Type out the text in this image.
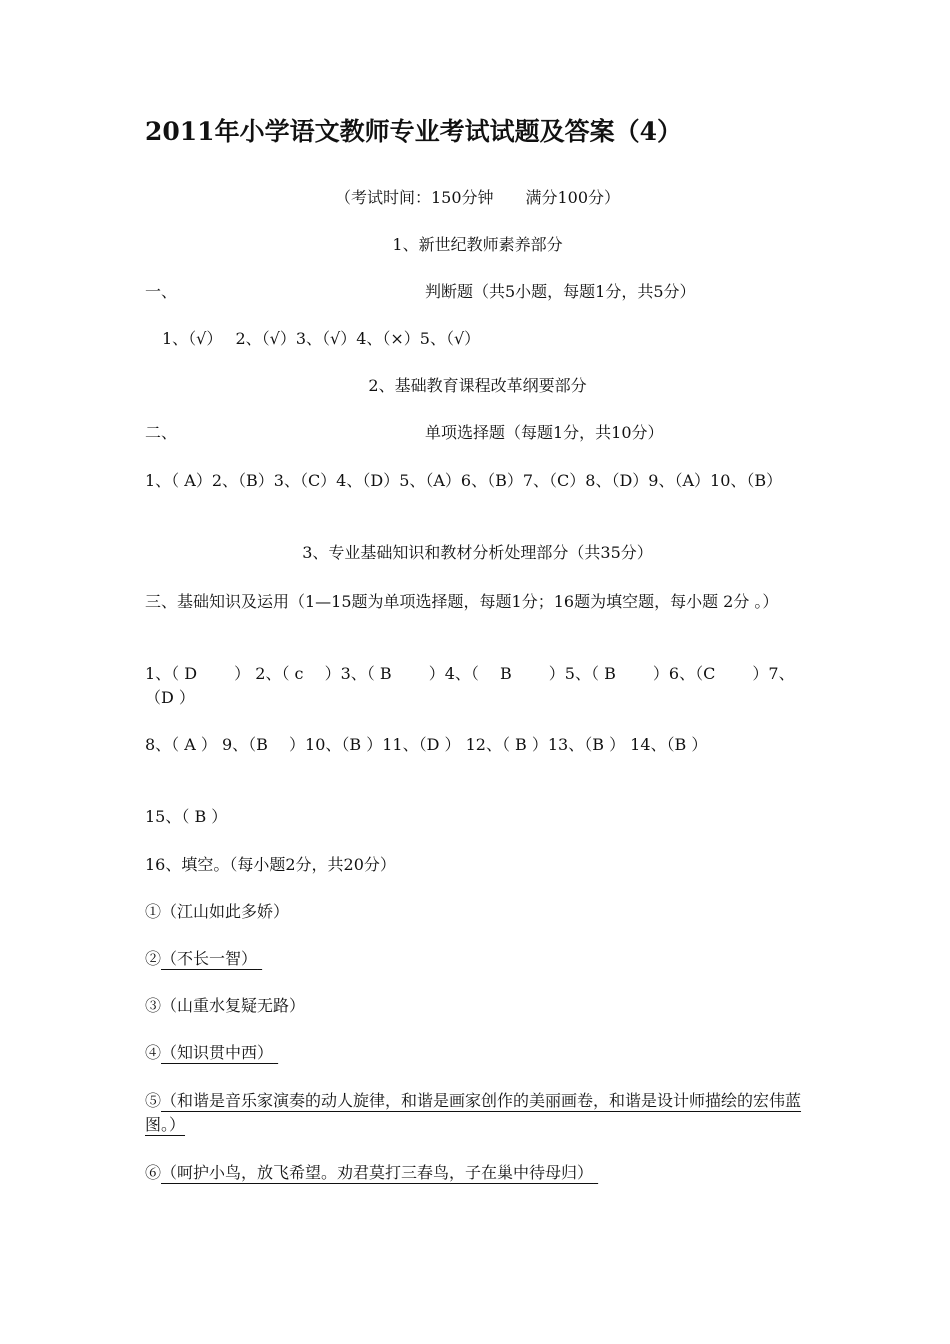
2011年小学语文教师专业考试试题及答案（4）
（考试时间：150分钟　　满分100分）
1、新世纪教师素养部分
一、	判断题（共5小题，每题1分，共5分）
1、（√）　 2、（√）3、（√）4、（×）5、（√）
2、基础教育课程改革纲要部分
二、	单项选择题（每题1分，共10分）
1、（ A）2、（B）3、（C）4、（D）5、（A）6、（B）7、（C）8、（D）9、（A）10、（B）
3、专业基础知识和教材分析处理部分（共35分）
三、基础知识及运用（1—15题为单项选择题，每题1分；16题为填空题，每小题 2分 。）
1、（ D　　 ） 2、（ c　 ）3、（ B　　 ）4、（　 B　　 ）5、（ B　　 ）6、（C　　 ）7、（D ）
8、（ A ） 9、（B　 ）10、（B ）11、（D ） 12、（ B ）13、（B ） 14、（B ）
15、（ B ）
16、填空。（每小题2分，共20分）
①（江山如此多娇）
②（不长一智）
③（山重水复疑无路）
④（知识贯中西）
⑤（和谐是音乐家演奏的动人旋律，和谐是画家创作的美丽画卷，和谐是设计师描绘的宏伟蓝图。）
⑥（呵护小鸟，放飞希望。劝君莫打三春鸟，子在巢中待母归）
